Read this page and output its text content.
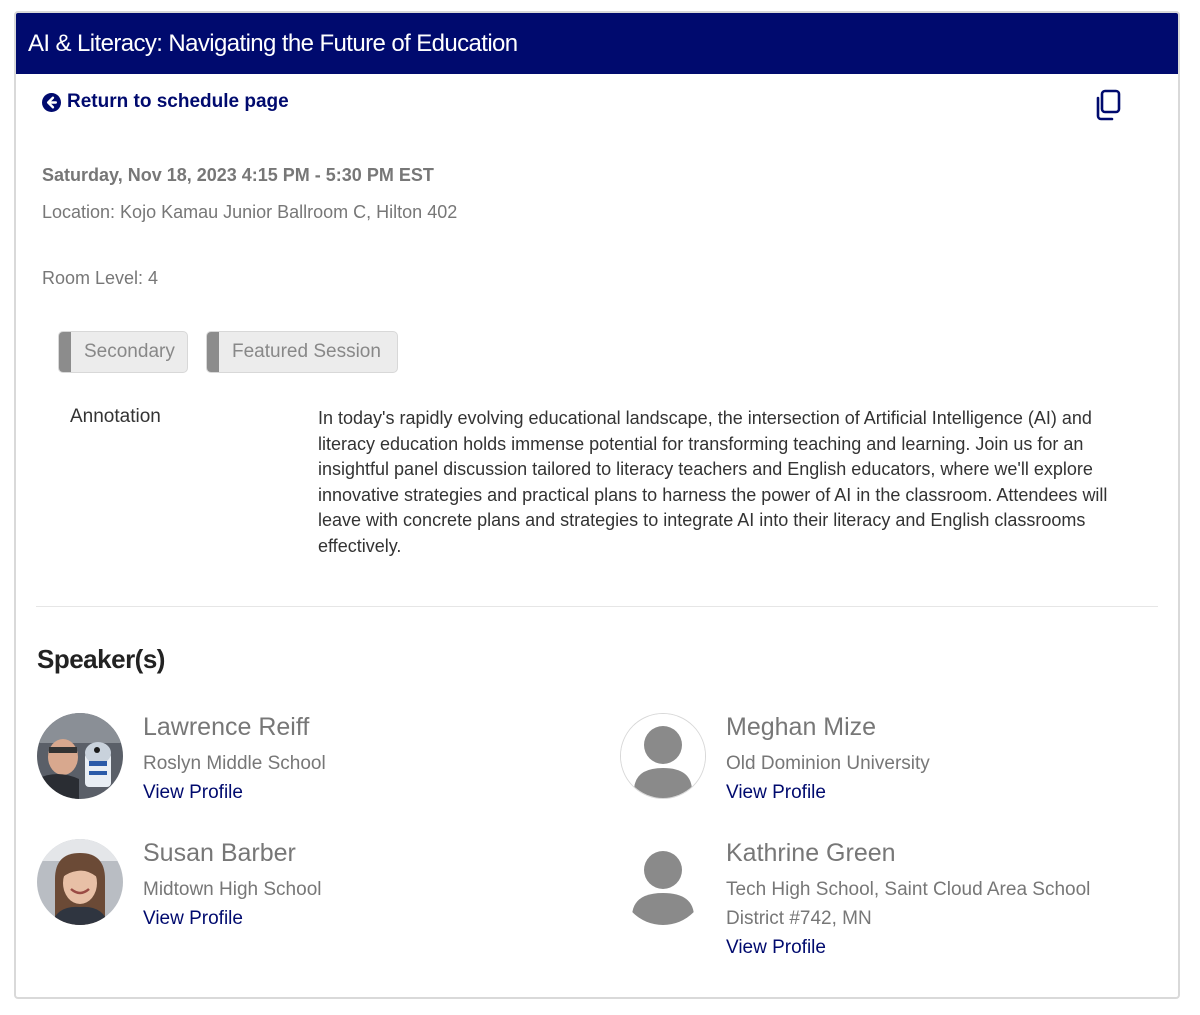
AI & Literacy: Navigating the Future of Education
Return to schedule page
Saturday, Nov 18, 2023 4:15 PM - 5:30 PM EST
Location: Kojo Kamau Junior Ballroom C, Hilton 402
Room Level: 4
Secondary	Featured Session
Annotation	In today's rapidly evolving educational landscape, the intersection of Artificial Intelligence (AI) and literacy education holds immense potential for transforming teaching and learning. Join us for an insightful panel discussion tailored to literacy teachers and English educators, where we'll explore innovative strategies and practical plans to harness the power of AI in the classroom. Attendees will leave with concrete plans and strategies to integrate AI into their literacy and English classrooms effectively.
Speaker(s)
Lawrence Reiff
Roslyn Middle School
View Profile
Meghan Mize
Old Dominion University
View Profile
Susan Barber
Midtown High School
View Profile
Kathrine Green
Tech High School, Saint Cloud Area School District #742, MN
View Profile
